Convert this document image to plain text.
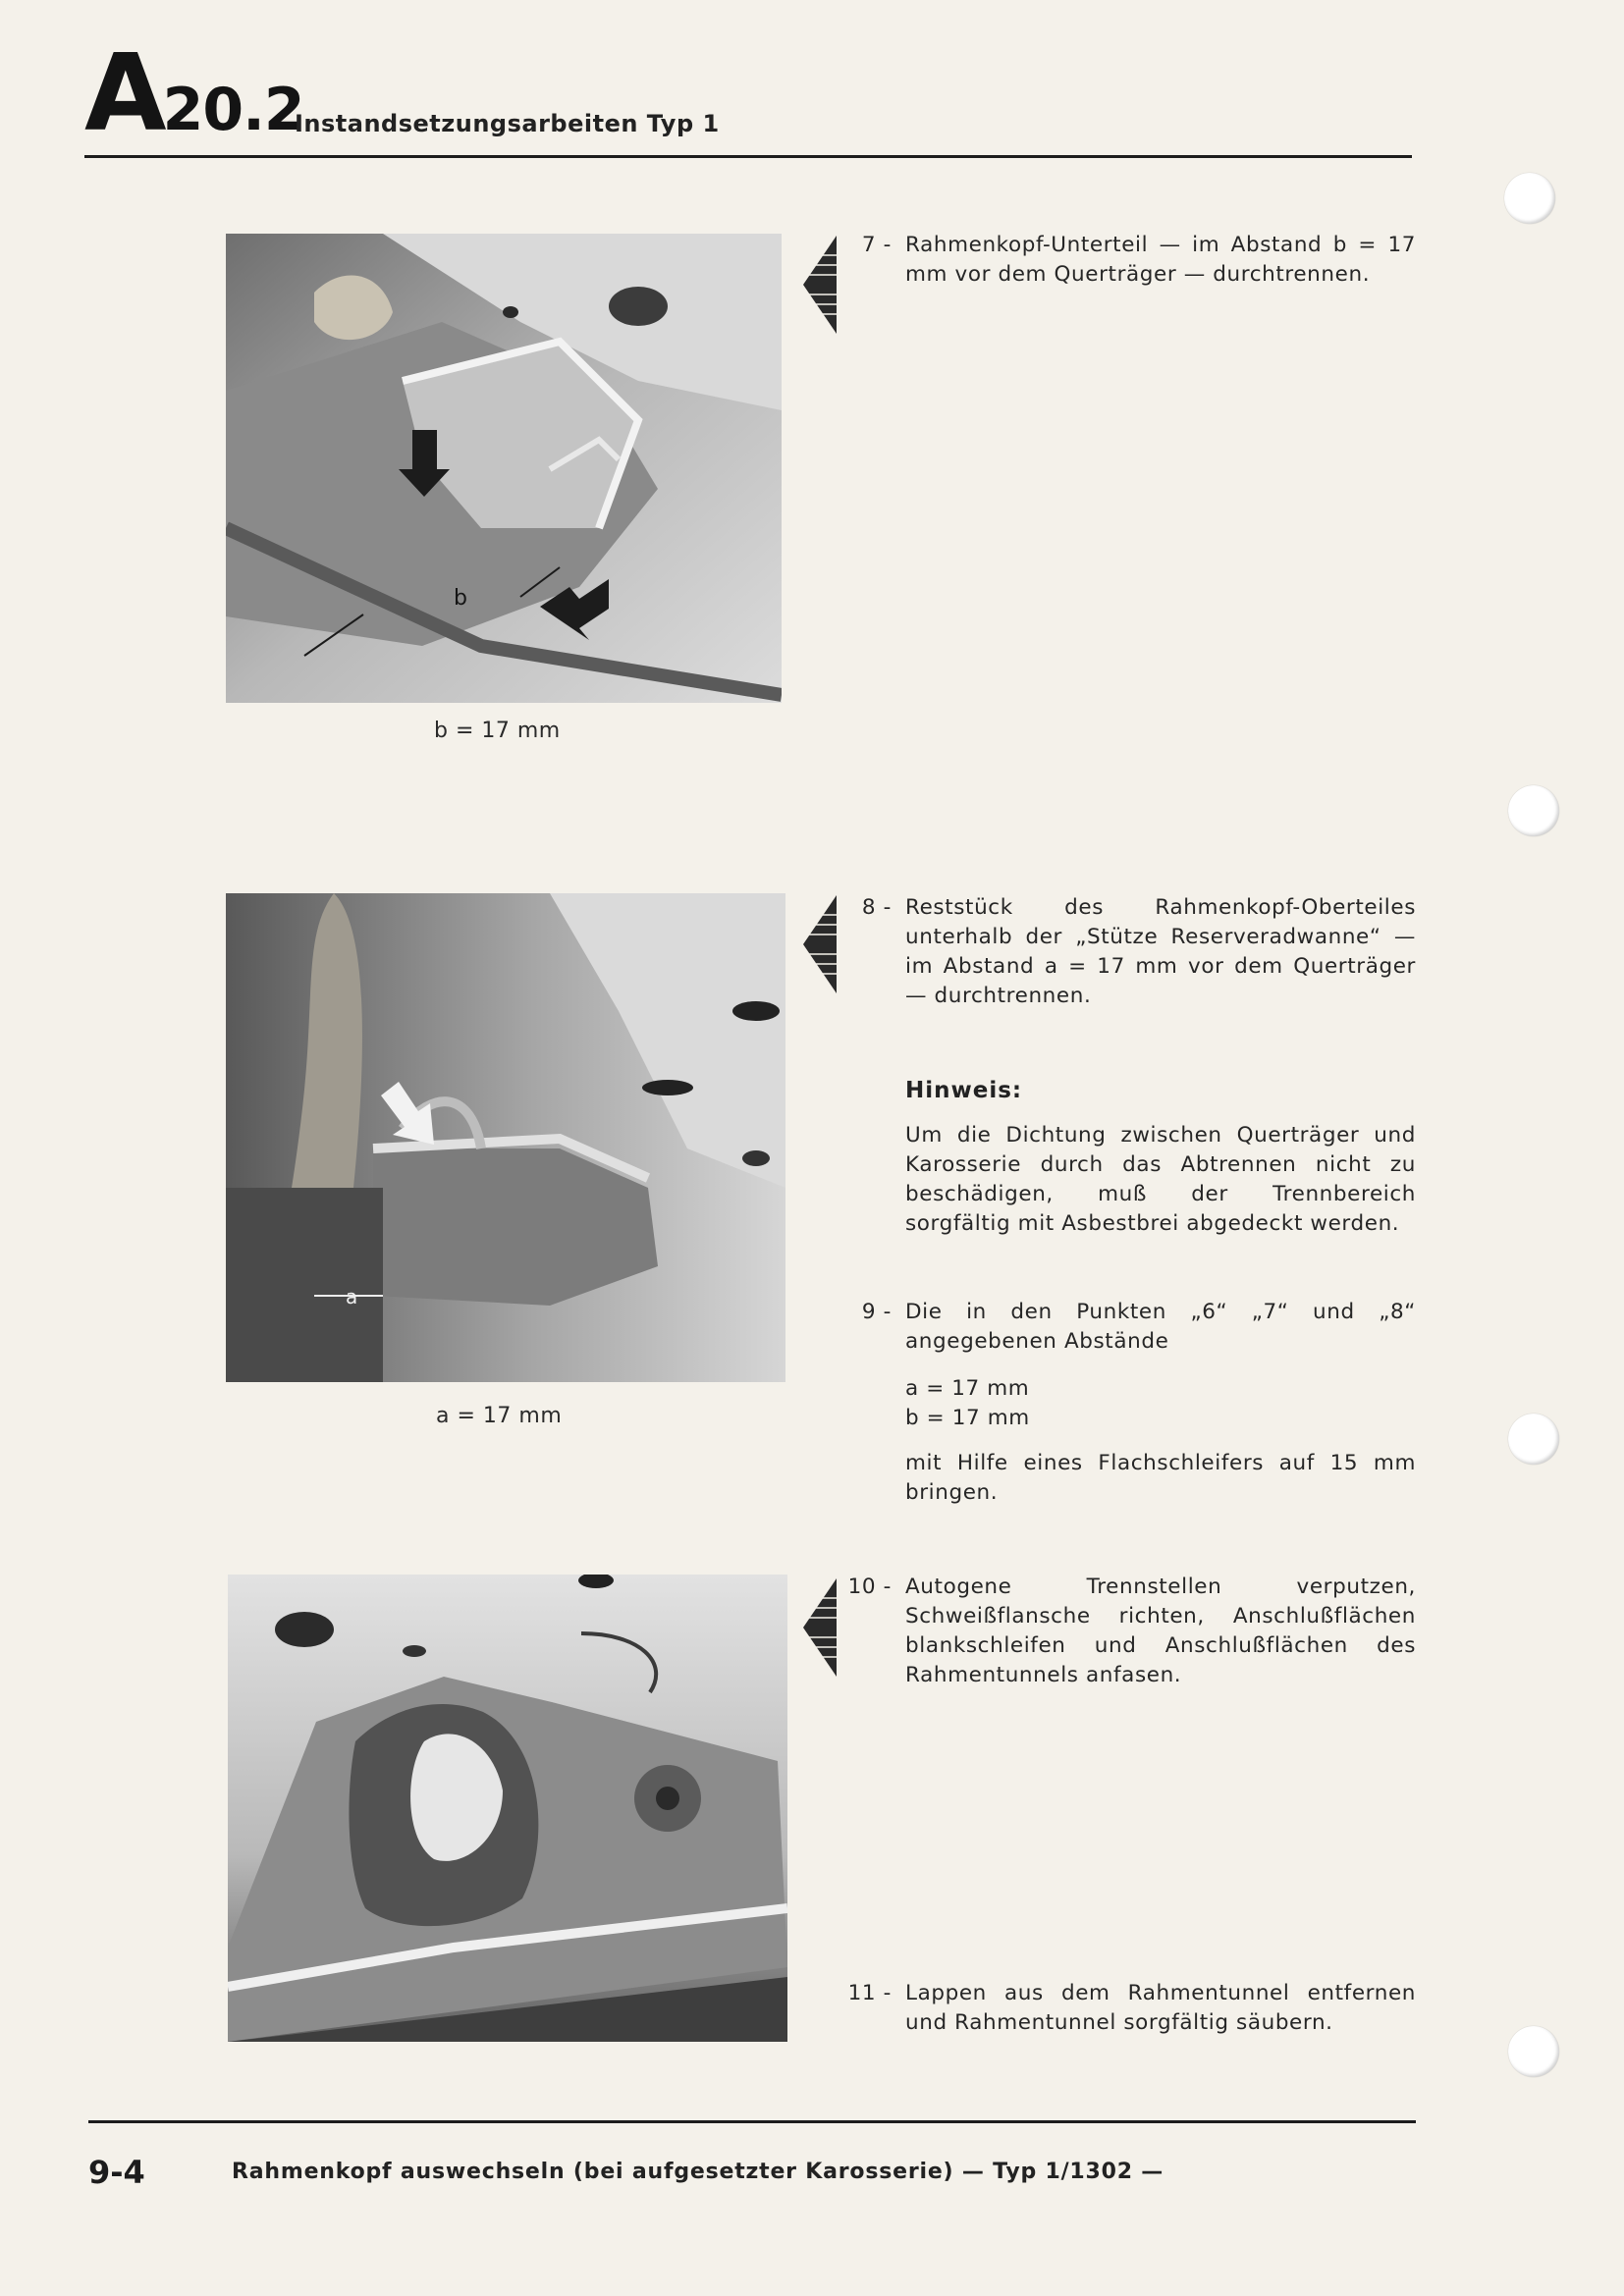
A20.2
Instandsetzungsarbeiten Typ 1
b
b = 17 mm
a
a = 17 mm
7 - Rahmenkopf-Unterteil — im Abstand b = 17 mm vor dem Querträger — durchtrennen.
8 - Reststück des Rahmenkopf-Oberteiles unterhalb der „Stütze Reserveradwanne“ — im Abstand a = 17 mm vor dem Querträger — durchtrennen.
Hinweis:
Um die Dichtung zwischen Querträger und Karosserie durch das Abtrennen nicht zu beschädigen, muß der Trennbereich sorgfältig mit Asbestbrei abgedeckt werden.
9 - Die in den Punkten „6“ „7“ und „8“ angegebenen Abstände
a = 17 mm
b = 17 mm
mit Hilfe eines Flachschleifers auf 15 mm bringen.
10 - Autogene Trennstellen verputzen, Schweißflansche richten, Anschlußflächen blankschleifen und Anschlußflächen des Rahmentunnels anfasen.
11 - Lappen aus dem Rahmentunnel entfernen und Rahmentunnel sorgfältig säubern.
9-4	Rahmenkopf auswechseln (bei aufgesetzter Karosserie) — Typ 1/1302 —
